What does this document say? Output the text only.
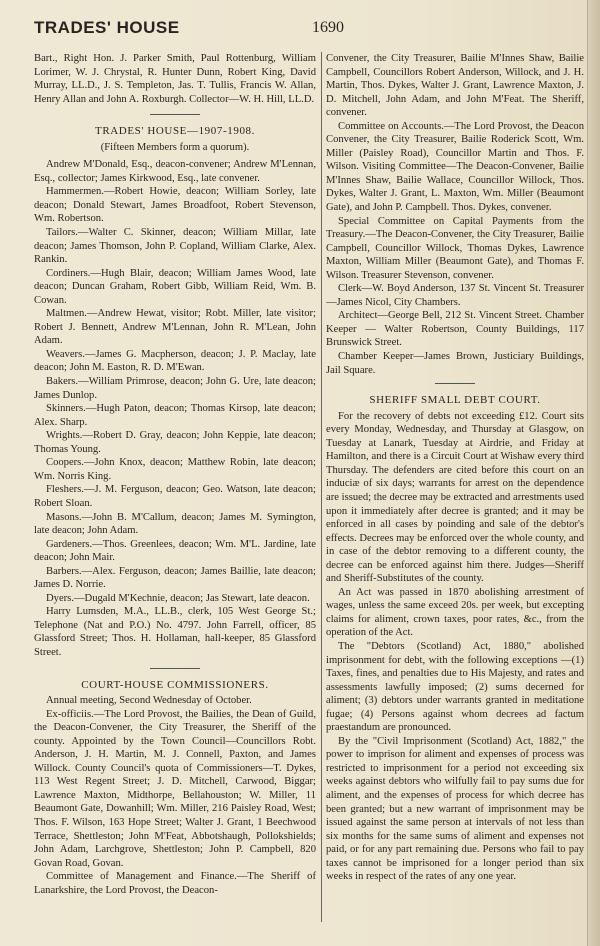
TRADES' HOUSE	1690

Bart., Right Hon. J. Parker Smith, Paul Rottenburg, William Lorimer, W. J. Chrystal, R. Hunter Dunn, Robert King, David Murray, LL.D., J. S. Templeton, Jas. T. Tullis, Francis W. Allan, Henry Allan and John A. Roxburgh. Collector—W. H. Hill, LL.D.

TRADES' HOUSE—1907-1908.
(Fifteen Members form a quorum).

Andrew M'Donald, Esq., deacon-convener; Andrew M'Lennan, Esq., collector; James Kirkwood, Esq., late convener.

Hammermen.—Robert Howie, deacon; William Sorley, late deacon; Donald Stewart, James Broadfoot, Robert Stevenson, Wm. Robertson.

Tailors.—Walter C. Skinner, deacon; William Millar, late deacon; James Thomson, John P. Copland, William Clarke, Alex. Rankin.

Cordiners.—Hugh Blair, deacon; William James Wood, late deacon; Duncan Graham, Robert Gibb, William Reid, Wm. B. Cowan.

Maltmen.—Andrew Hewat, visitor; Robt. Miller, late visitor; Robert J. Bennett, Andrew M'Lennan, John R. M'Lean, John Adam.

Weavers.—James G. Macpherson, deacon; J. P. Maclay, late deacon; John M. Easton, R. D. M'Ewan.

Bakers.—William Primrose, deacon; John G. Ure, late deacon; James Dunlop.

Skinners.—Hugh Paton, deacon; Thomas Kirsop, late deacon; Alex. Sharp.

Wrights.—Robert D. Gray, deacon; John Keppie, late deacon; Thomas Young.

Coopers.—John Knox, deacon; Matthew Robin, late deacon; Wm. Norris King.

Fleshers.—J. M. Ferguson, deacon; Geo. Watson, late deacon; Robert Sloan.

Masons.—John B. M'Callum, deacon; James M. Symington, late deacon; John Adam.

Gardeners.—Thos. Greenlees, deacon; Wm. M'L. Jardine, late deacon; John Mair.

Barbers.—Alex. Ferguson, deacon; James Baillie, late deacon; James D. Norrie.

Dyers.—Dugald M'Kechnie, deacon; Jas Stewart, late deacon.

Harry Lumsden, M.A., LL.B., clerk, 105 West George St.; Telephone (Nat and P.O.) No. 4797. John Farrell, officer, 85 Glassford Street; Thos. H. Hollaman, hall-keeper, 85 Glassford Street.

COURT-HOUSE COMMISSIONERS.

Annual meeting, Second Wednesday of October.

Ex-officiis.—The Lord Provost, the Bailies, the Dean of Guild, the Deacon-Convener, the City Treasurer, the Sheriff of the county. Appointed by the Town Council—Councillors Robt. Anderson, J. H. Martin, M. J. Connell, Paxton, and James Willock. County Council's quota of Commissioners—T. Dykes, 113 West Regent Street; J. D. Mitchell, Carwood, Biggar; Lawrence Maxton, Midthorpe, Bellahouston; W. Miller, 11 Beaumont Gate, Dowanhill; Wm. Miller, 216 Paisley Road, West; Thos. F. Wilson, 163 Hope Street; Walter J. Grant, 1 Beechwood Terrace, Shettleston; John M'Feat, Abbotshaugh, Pollokshields; John Adam, Larchgrove, Shettleston; John P. Campbell, 820 Govan Road, Govan.

Committee of Management and Finance.—The Sheriff of Lanarkshire, the Lord Provost, the Deacon-

Convener, the City Treasurer, Bailie M'Innes Shaw, Bailie Campbell, Councillors Robert Anderson, Willock, and J. H. Martin, Thos. Dykes, Walter J. Grant, Lawrence Maxton, J. D. Mitchell, John Adam, and John M'Feat. The Sheriff, convener.

Committee on Accounts.—The Lord Provost, the Deacon Convener, the City Treasurer, Bailie Roderick Scott, Wm. Miller (Paisley Road), Councillor Martin and Thos. F. Wilson. Visiting Committee—The Deacon-Convener, Bailie M'Innes Shaw, Bailie Wallace, Councillor Willock, Thos. Dykes, Walter J. Grant, L. Maxton, Wm. Miller (Beaumont Gate), and John P. Campbell. Thos. Dykes, convener.

Special Committee on Capital Payments from the Treasury.—The Deacon-Convener, the City Treasurer, Bailie Campbell, Councillor Willock, Thomas Dykes, Lawrence Maxton, William Miller (Beaumont Gate), and Thomas F. Wilson. Treasurer Stevenson, convener.

Clerk—W. Boyd Anderson, 137 St. Vincent St. Treasurer—James Nicol, City Chambers.

Architect—George Bell, 212 St. Vincent Street. Chamber Keeper — Walter Robertson, County Buildings, 117 Brunswick Street.

Chamber Keeper—James Brown, Justiciary Buildings, Jail Square.

SHERIFF SMALL DEBT COURT.

For the recovery of debts not exceeding £12. Court sits every Monday, Wednesday, and Thursday at Glasgow, on Tuesday at Lanark, Tuesday at Airdrie, and Friday at Hamilton, and there is a Circuit Court at Wishaw every third Thursday. The defenders are cited before this court on an induciæ of six days; warrants for arrest on the dependence are issued; the decree may be extracted and arrestments used upon it immediately after decree is granted; and it may be enforced in all cases by poinding and sale of the debtor's effects. Decrees may be enforced over the whole county, and in case of the debtor removing to a different county, the decree can be enforced against him there. Judges—Sheriff and Sheriff-Substitutes of the county.

An Act was passed in 1870 abolishing arrestment of wages, unless the same exceed 20s. per week, but excepting claims for aliment, crown taxes, poor rates, &c., from the operation of the Act.

The "Debtors (Scotland) Act, 1880," abolished imprisonment for debt, with the following exceptions —(1) Taxes, fines, and penalties due to His Majesty, and rates and assessments lawfully imposed; (2) sums decerned for aliment; (3) debtors under warrants granted in meditatione fugae; (4) Persons against whom decrees ad factum praestandum are pronounced.

By the "Civil Imprisonment (Scotland) Act, 1882," the power to imprison for aliment and expenses of process was restricted to imprisonment for a period not exceeding six weeks against debtors who wilfully fail to pay sums due for aliment, and the expenses of process for which decree has been granted; but a new warrant of imprisonment may be issued against the same person at intervals of not less than six months for the same sums of aliment and expenses not paid, or for any part remaining due. Persons who fail to pay taxes cannot be imprisoned for a longer period than six weeks in respect of the rates of any one year.
